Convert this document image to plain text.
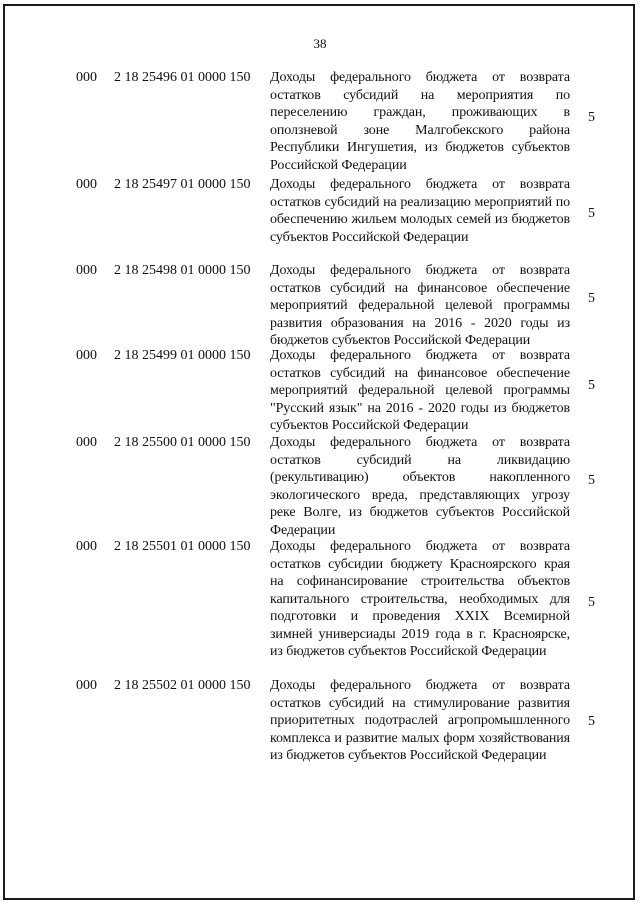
38
000 2 18 25496 01 0000 150 Доходы федерального бюджета от возврата остатков субсидий на мероприятия по переселению граждан, проживающих в оползневой зоне Малгобекского района Республики Ингушетия, из бюджетов субъектов Российской Федерации
5
000 2 18 25497 01 0000 150 Доходы федерального бюджета от возврата остатков субсидий на реализацию мероприятий по обеспечению жильем молодых семей из бюджетов субъектов Российской Федерации
5
000 2 18 25498 01 0000 150 Доходы федерального бюджета от возврата остатков субсидий на финансовое обеспечение мероприятий федеральной целевой программы развития образования на 2016 - 2020 годы из бюджетов субъектов Российской Федерации
5
000 2 18 25499 01 0000 150 Доходы федерального бюджета от возврата остатков субсидий на финансовое обеспечение мероприятий федеральной целевой программы "Русский язык" на 2016 - 2020 годы из бюджетов субъектов Российской Федерации
5
000 2 18 25500 01 0000 150 Доходы федерального бюджета от возврата остатков субсидий на ликвидацию (рекультивацию) объектов накопленного экологического вреда, представляющих угрозу реке Волге, из бюджетов субъектов Российской Федерации
5
000 2 18 25501 01 0000 150 Доходы федерального бюджета от возврата остатков субсидии бюджету Красноярского края на софинансирование строительства объектов капитального строительства, необходимых для подготовки и проведения XXIX Всемирной зимней универсиады 2019 года в г. Красноярске, из бюджетов субъектов Российской Федерации
5
000 2 18 25502 01 0000 150 Доходы федерального бюджета от возврата остатков субсидий на стимулирование развития приоритетных подотраслей агропромышленного комплекса и развитие малых форм хозяйствования из бюджетов субъектов Российской Федерации
5
